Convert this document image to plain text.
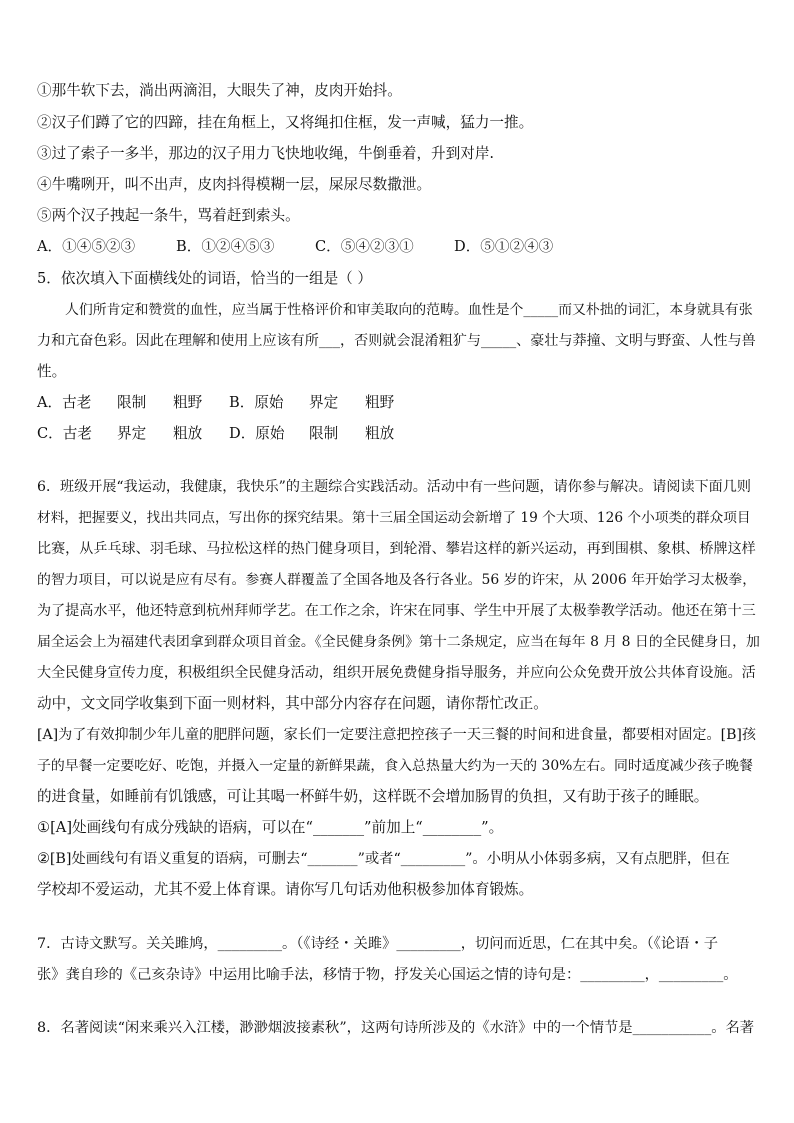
①那牛软下去，淌出两滴泪，大眼失了神，皮肉开始抖。
②汉子们蹲了它的四蹄，挂在角框上，又将绳扣住框，发一声喊，猛力一推。
③过了索子一多半，那边的汉子用力飞快地收绳，牛倒垂着，升到对岸.
④牛嘴咧开，叫不出声，皮肉抖得模糊一层，屎尿尽数撒泄。
⑤两个汉子拽起一条牛，骂着赶到索头。
A．①④⑤②③	B．①②④⑤③	C．⑤④②③①	D．⑤①②④③
5．依次填入下面横线处的词语，恰当的一组是（ ）
人们所肯定和赞赏的血性，应当属于性格评价和审美取向的范畴。血性是个_____而又朴拙的词汇，本身就具有张
力和亢奋色彩。因此在理解和使用上应该有所___，否则就会混淆粗犷与_____、豪壮与莽撞、文明与野蛮、人性与兽
性。
A．古老 限制 粗野 B．原始 界定 粗野
C．古老 界定 粗放 D．原始 限制 粗放
6．班级开展“我运动，我健康，我快乐”的主题综合实践活动。活动中有一些问题，请你参与解决。请阅读下面几则
材料，把握要义，找出共同点，写出你的探究结果。第十三届全国运动会新增了 19 个大项、126 个小项类的群众项目
比赛，从乒乓球、羽毛球、马拉松这样的热门健身项目，到轮滑、攀岩这样的新兴运动，再到围棋、象棋、桥牌这样
的智力项目，可以说是应有尽有。参赛人群覆盖了全国各地及各行各业。56 岁的许宋，从 2006 年开始学习太极拳，
为了提高水平，他还特意到杭州拜师学艺。在工作之余，许宋在同事、学生中开展了太极拳教学活动。他还在第十三
届全运会上为福建代表团拿到群众项目首金。《全民健身条例》第十二条规定，应当在每年 8 月 8 日的全民健身日，加
大全民健身宣传力度，积极组织全民健身活动，组织开展免费健身指导服务，并应向公众免费开放公共体育设施。活
动中，文文同学收集到下面一则材料，其中部分内容存在问题，请你帮忙改正。
[A]为了有效抑制少年儿童的肥胖问题，家长们一定要注意把控孩子一天三餐的时间和进食量，都要相对固定。[B]孩
子的早餐一定要吃好、吃饱，并摄入一定量的新鲜果蔬，食入总热量大约为一天的 30%左右。同时适度减少孩子晚餐
的进食量，如睡前有饥饿感，可让其喝一杯鲜牛奶，这样既不会增加肠胃的负担，又有助于孩子的睡眠。
①[A]处画线句有成分残缺的语病，可以在“_______”前加上“________”。
②[B]处画线句有语义重复的语病，可删去“_______”或者“_________”。小明从小体弱多病，又有点肥胖，但在
学校却不爱运动，尤其不爱上体育课。请你写几句话劝他积极参加体育锻炼。
7．古诗文默写。关关雎鸠，_________。（《诗经・关雎》_________，切问而近思，仁在其中矣。（《论语・子
张》龚自珍的《己亥杂诗》中运用比喻手法，移情于物，抒发关心国运之情的诗句是：_________，_________。
8．名著阅读“闲来乘兴入江楼，渺渺烟波接素秋”，这两句诗所涉及的《水浒》中的一个情节是___________。名著
